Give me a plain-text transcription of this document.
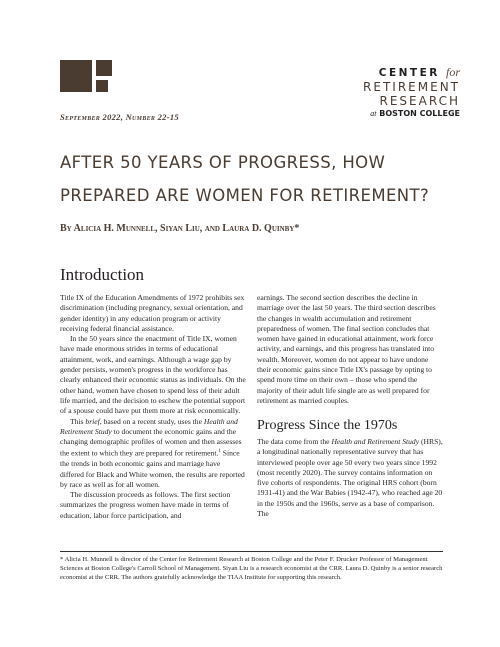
CENTER for
RETIREMENT
RESEARCH
at BOSTON COLLEGE
September 2022, Number 22-15
AFTER 50 YEARS OF PROGRESS, HOW PREPARED ARE WOMEN FOR RETIREMENT?
By Alicia H. Munnell, Siyan Liu, and Laura D. Quinby*
Introduction

Title IX of the Education Amendments of 1972 prohibits sex discrimination (including pregnancy, sexual orientation, and gender identity) in any education program or activity receiving federal financial assistance.

In the 50 years since the enactment of Title IX, women have made enormous strides in terms of educational attainment, work, and earnings. Although a wage gap by gender persists, women's progress in the workforce has clearly enhanced their economic status as individuals. On the other hand, women have chosen to spend less of their adult life married, and the decision to eschew the potential support of a spouse could have put them more at risk economically.

This brief, based on a recent study, uses the Health and Retirement Study to document the economic gains and the changing demographic profiles of women and then assesses the extent to which they are prepared for retirement.$^1$ Since the trends in both economic gains and marriage have differed for Black and White women, the results are reported by race as well as for all women.

The discussion proceeds as follows. The first section summarizes the progress women have made in terms of education, labor force participation, and

earnings. The second section describes the decline in marriage over the last 50 years. The third section describes the changes in wealth accumulation and retirement preparedness of women. The final section concludes that women have gained in educational attainment, work force activity, and earnings, and this progress has translated into wealth. Moreover, women do not appear to have undone their economic gains since Title IX's passage by opting to spend more time on their own – those who spend the majority of their adult life single are as well prepared for retirement as married couples.

Progress Since the 1970s

The data come from the Health and Retirement Study (HRS), a longitudinal nationally representative survey that has interviewed people over age 50 every two years since 1992 (most recently 2020). The survey contains information on five cohorts of respondents. The original HRS cohort (born 1931-41) and the War Babies (1942-47), who reached age 20 in the 1950s and the 1960s, serve as a base of comparison. The

* Alicia H. Munnell is director of the Center for Retirement Research at Boston College and the Peter F. Drucker Professor of Management Sciences at Boston College's Carroll School of Management. Siyan Liu is a research economist at the CRR. Laura D. Quinby is a senior research economist at the CRR. The authors gratefully acknowledge the TIAA Institute for supporting this research.
